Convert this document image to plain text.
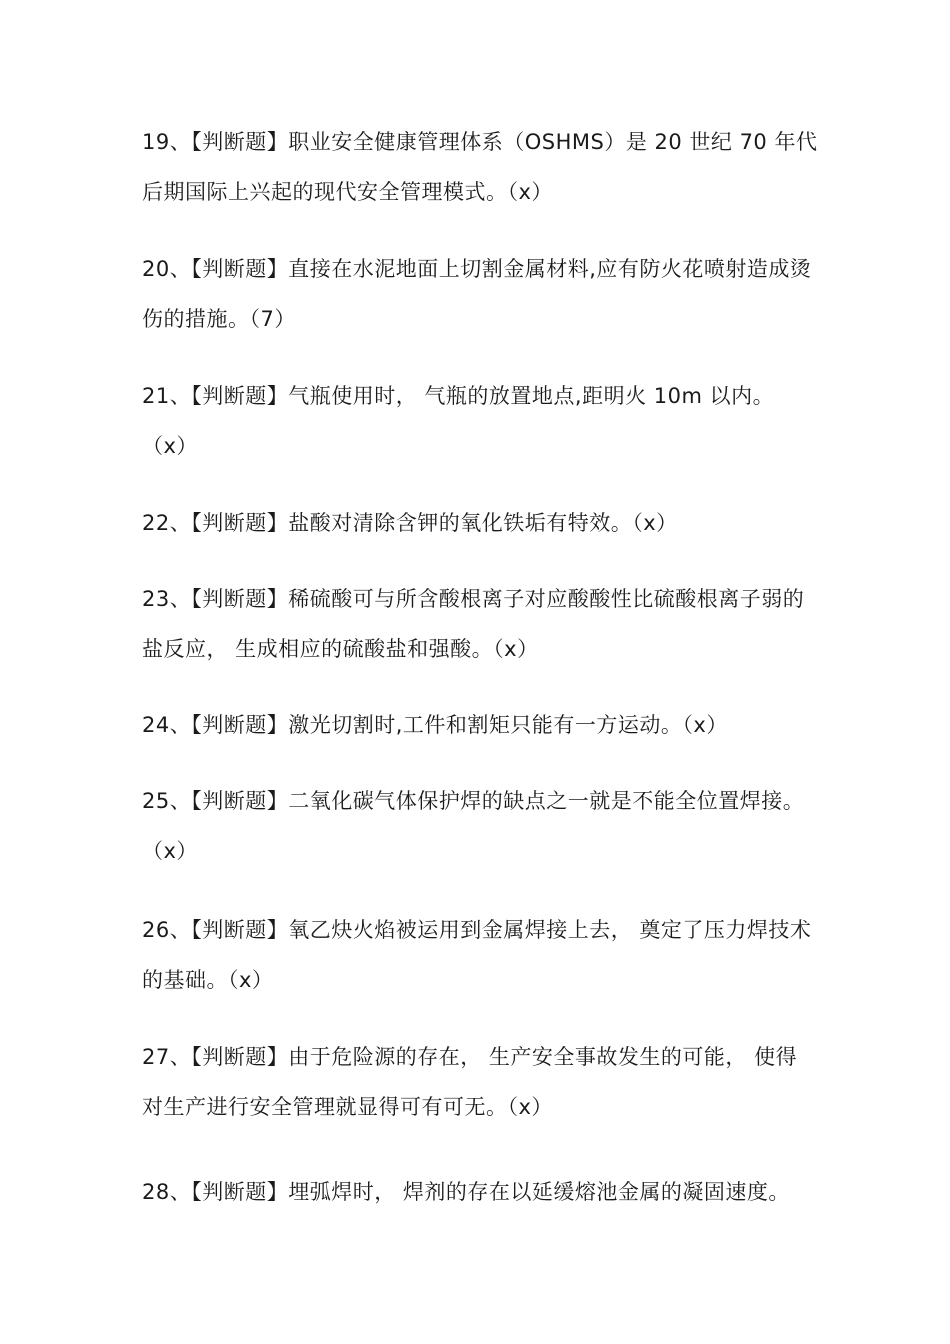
19、【判断题】职业安全健康管理体系（OSHMS）是 20 世纪 70 年代
后期国际上兴起的现代安全管理模式。（x）
20、【判断题】直接在水泥地面上切割金属材料,应有防火花喷射造成烫
伤的措施。（7）
21、【判断题】气瓶使用时， 气瓶的放置地点,距明火 10m 以内。
（x）
22、【判断题】盐酸对清除含钾的氧化铁垢有特效。（x）
23、【判断题】稀硫酸可与所含酸根离子对应酸酸性比硫酸根离子弱的
盐反应， 生成相应的硫酸盐和强酸。（x）
24、【判断题】激光切割时,工件和割矩只能有一方运动。（x）
25、【判断题】二氧化碳气体保护焊的缺点之一就是不能全位置焊接。
（x）
26、【判断题】氧乙炔火焰被运用到金属焊接上去， 奠定了压力焊技术
的基础。（x）
27、【判断题】由于危险源的存在， 生产安全事故发生的可能， 使得
对生产进行安全管理就显得可有可无。（x）
28、【判断题】埋弧焊时， 焊剂的存在以延缓熔池金属的凝固速度。
